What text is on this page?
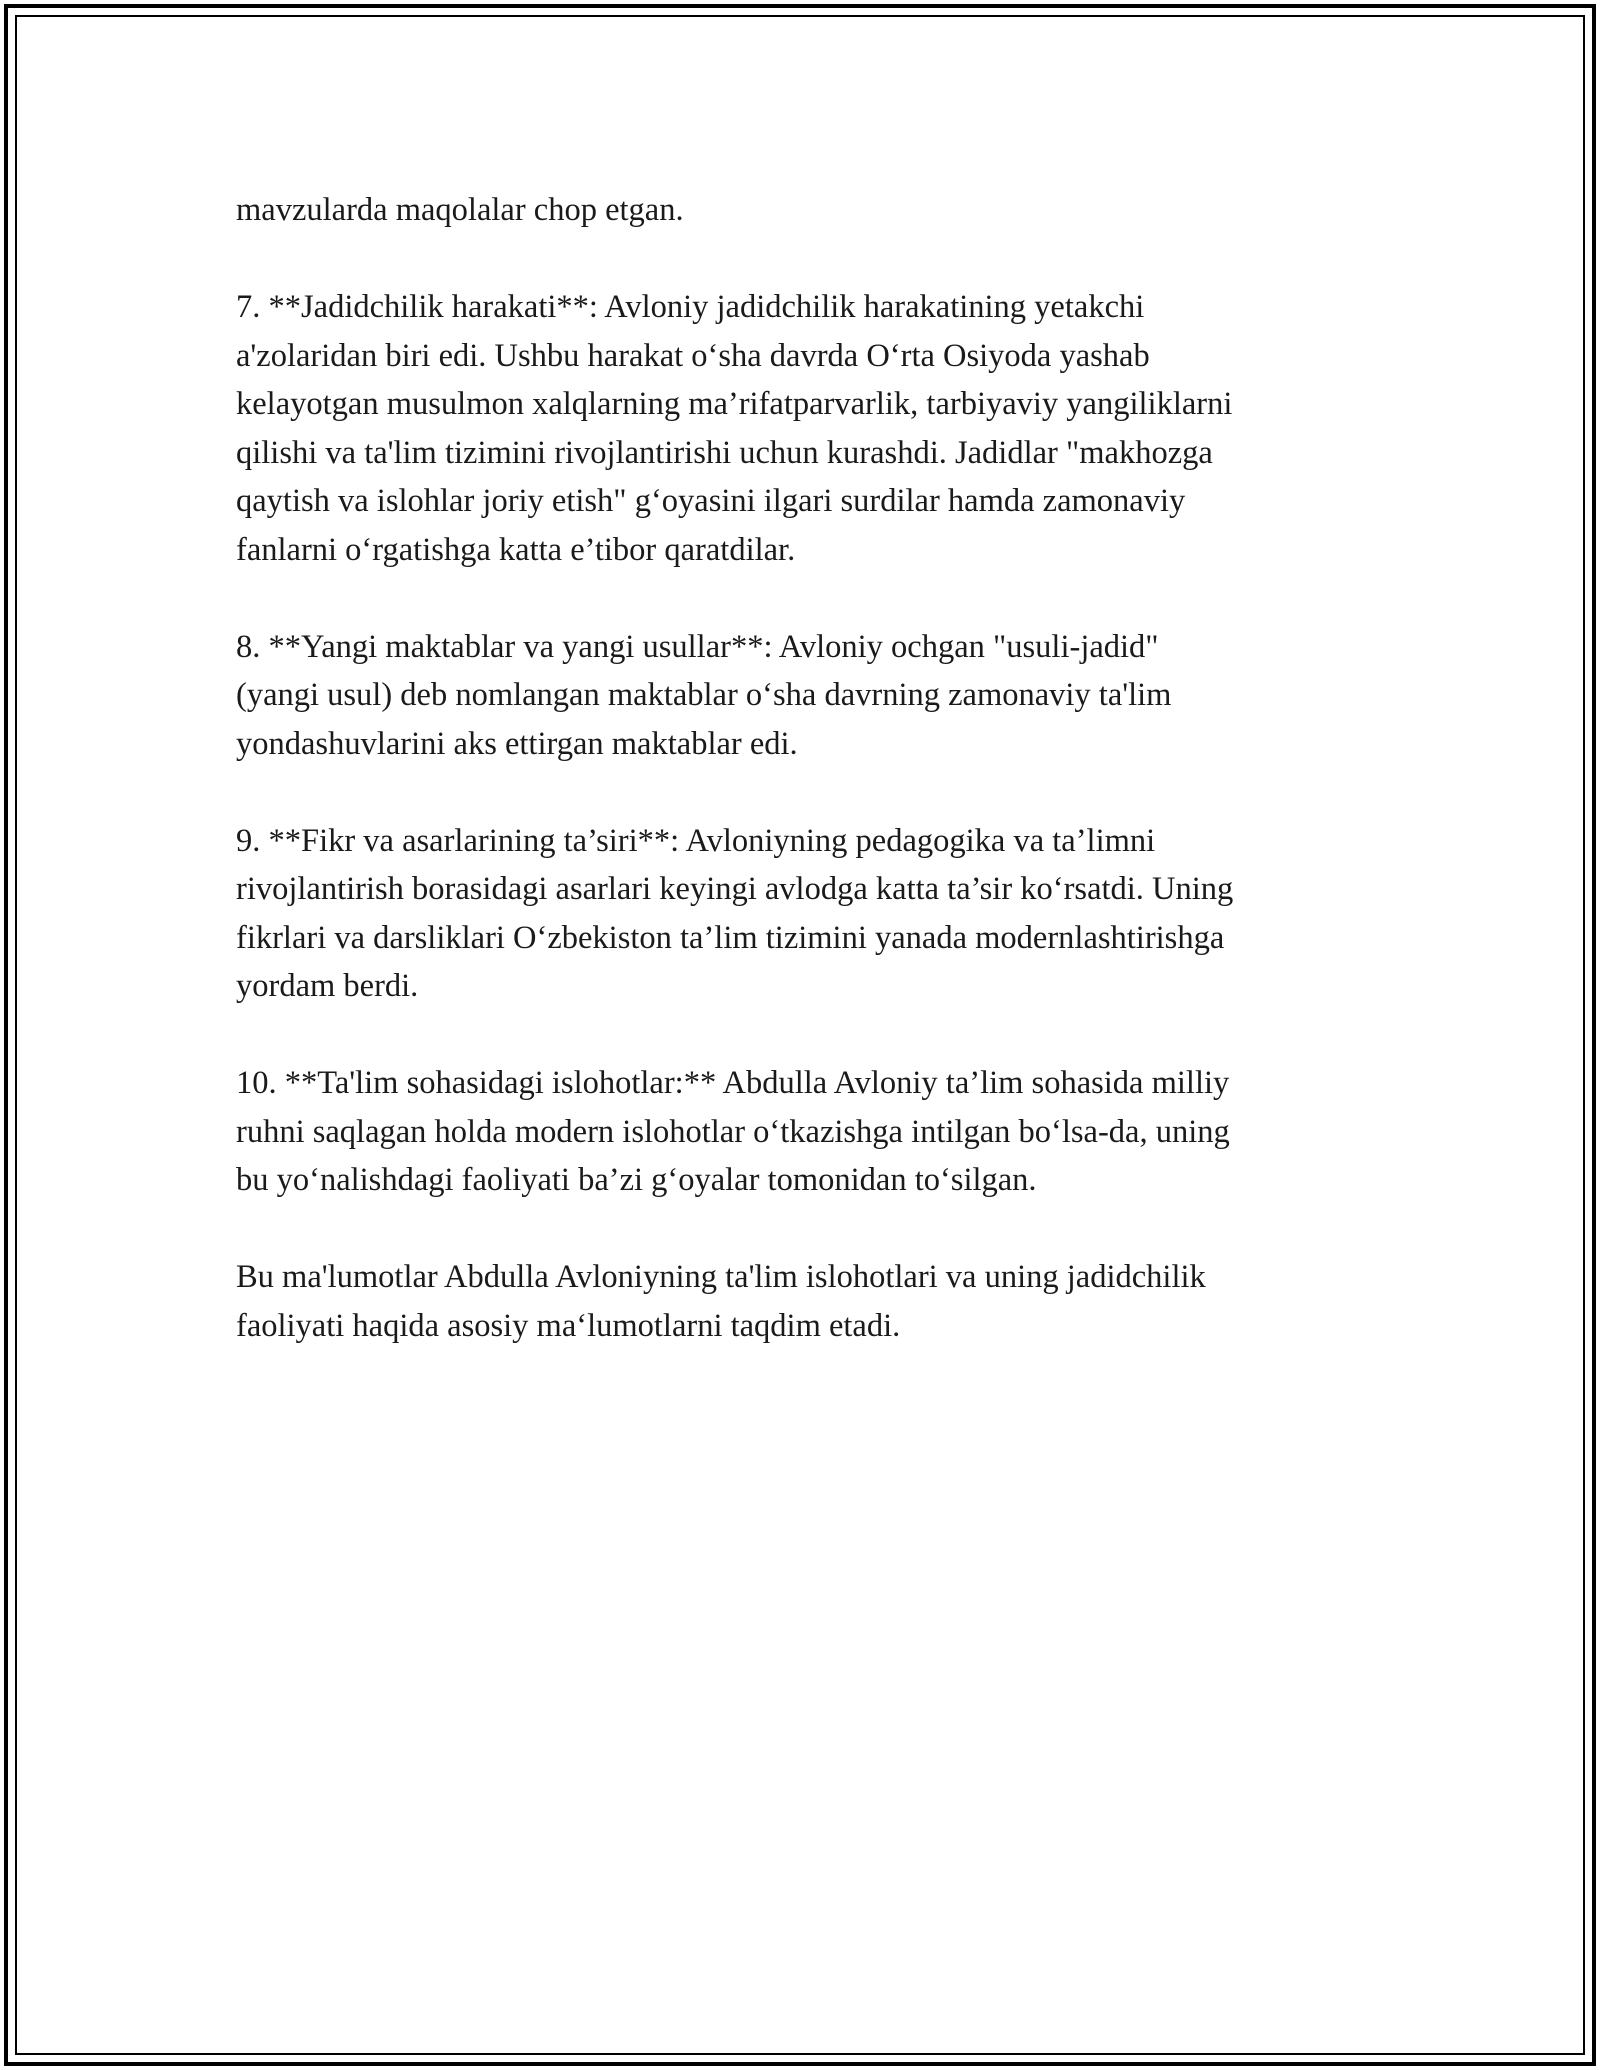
mavzularda maqolalar chop etgan.

7. **Jadidchilik harakati**: Avloniy jadidchilik harakatining yetakchi
a'zolaridan biri edi. Ushbu harakat o‘sha davrda O‘rta Osiyoda yashab
kelayotgan musulmon xalqlarning ma’rifatparvarlik, tarbiyaviy yangiliklarni
qilishi va ta'lim tizimini rivojlantirishi uchun kurashdi. Jadidlar "makhozga
qaytish va islohlar joriy etish" g‘oyasini ilgari surdilar hamda zamonaviy
fanlarni o‘rgatishga katta e’tibor qaratdilar.

8. **Yangi maktablar va yangi usullar**: Avloniy ochgan "usuli-jadid"
(yangi usul) deb nomlangan maktablar o‘sha davrning zamonaviy ta'lim
yondashuvlarini aks ettirgan maktablar edi.

9. **Fikr va asarlarining ta’siri**: Avloniyning pedagogika va ta’limni
rivojlantirish borasidagi asarlari keyingi avlodga katta ta’sir ko‘rsatdi. Uning
fikrlari va darsliklari O‘zbekiston ta’lim tizimini yanada modernlashtirishga
yordam berdi.

10. **Ta'lim sohasidagi islohotlar:** Abdulla Avloniy ta’lim sohasida milliy
ruhni saqlagan holda modern islohotlar o‘tkazishga intilgan bo‘lsa-da, uning
bu yo‘nalishdagi faoliyati ba’zi g‘oyalar tomonidan to‘silgan.

Bu ma'lumotlar Abdulla Avloniyning ta'lim islohotlari va uning jadidchilik
faoliyati haqida asosiy ma‘lumotlarni taqdim etadi.
